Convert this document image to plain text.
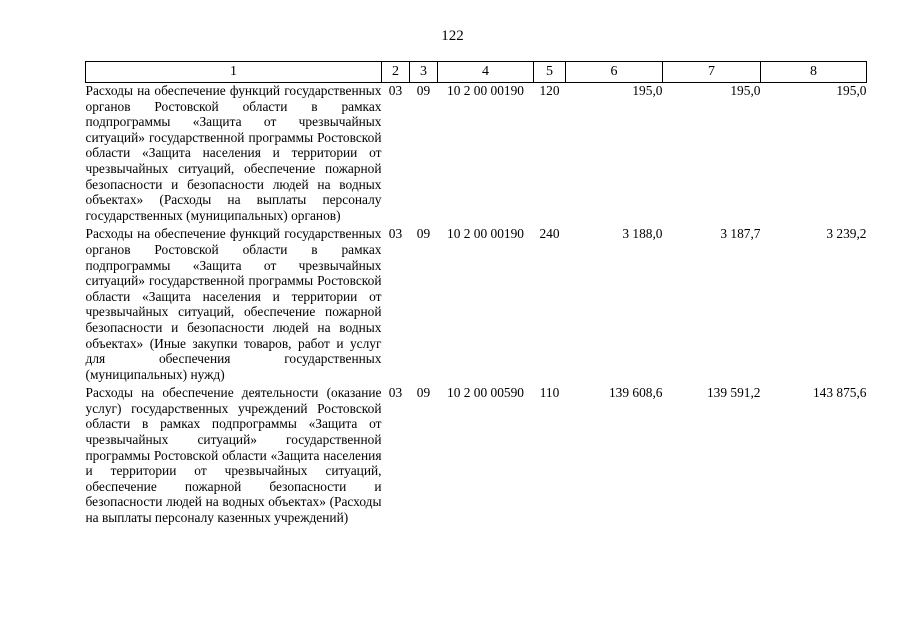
122
1	2	3	4	5	6	7	8
Расходы на обеспечение функций государственных органов Ростовской области в рамках подпрограммы «Защита от чрезвычайных ситуаций» государственной программы Ростовской области «Защита населения и территории от чрезвычайных ситуаций, обеспечение пожарной безопасности и безопасности людей на водных объектах» (Расходы на выплаты персоналу государственных (муниципальных) органов)	03	09	10 2 00 00190	120	195,0	195,0	195,0
Расходы на обеспечение функций государственных органов Ростовской области в рамках подпрограммы «Защита от чрезвычайных ситуаций» государственной программы Ростовской области «Защита населения и территории от чрезвычайных ситуаций, обеспечение пожарной безопасности и безопасности людей на водных объектах» (Иные закупки товаров, работ и услуг для обеспечения государственных (муниципальных) нужд)	03	09	10 2 00 00190	240	3 188,0	3 187,7	3 239,2
Расходы на обеспечение деятельности (оказание услуг) государственных учреждений Ростовской области в рамках подпрограммы «Защита от чрезвычайных ситуаций» государственной программы Ростовской области «Защита населения и территории от чрезвычайных ситуаций, обеспечение пожарной безопасности и безопасности людей на водных объектах» (Расходы на выплаты персоналу казенных учреждений)	03	09	10 2 00 00590	110	139 608,6	139 591,2	143 875,6
